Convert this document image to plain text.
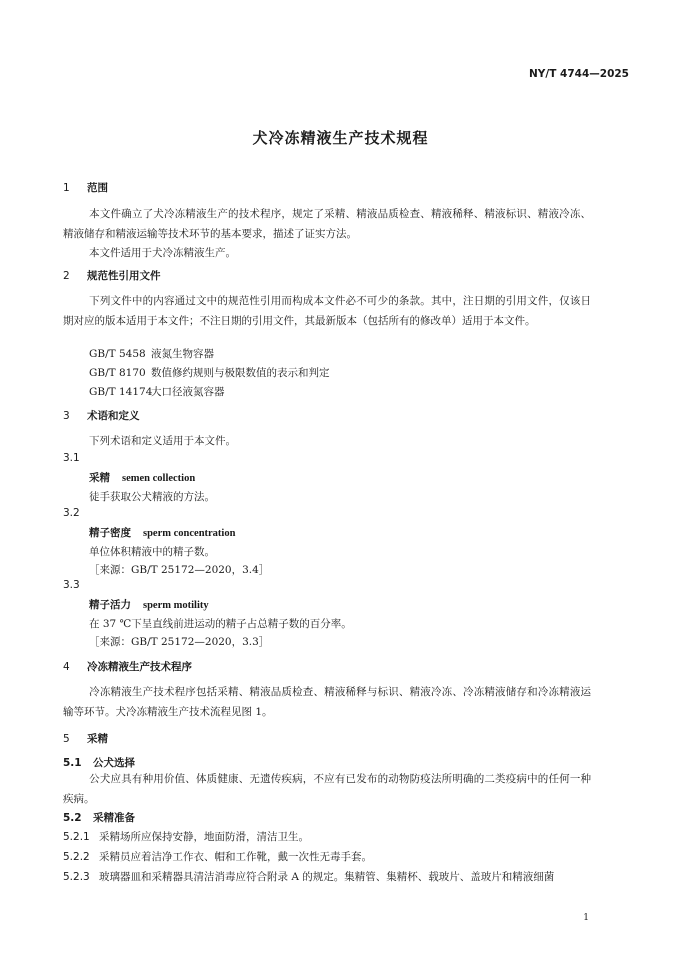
NY/T 4744—2025
犬冷冻精液生产技术规程
1 范围
本文件确立了犬冷冻精液生产的技术程序，规定了采精、精液品质检查、精液稀释、精液标识、精液冷冻、精液储存和精液运输等技术环节的基本要求，描述了证实方法。
本文件适用于犬冷冻精液生产。
2 规范性引用文件
下列文件中的内容通过文中的规范性引用而构成本文件必不可少的条款。其中，注日期的引用文件，仅该日期对应的版本适用于本文件；不注日期的引用文件，其最新版本（包括所有的修改单）适用于本文件。
GB/T 5458 液氮生物容器
GB/T 8170 数值修约规则与极限数值的表示和判定
GB/T 14174大口径液氮容器
3 术语和定义
下列术语和定义适用于本文件。
3.1
采精 semen collection
徒手获取公犬精液的方法。
3.2
精子密度 sperm concentration
单位体积精液中的精子数。
［来源：GB/T 25172—2020，3.4］
3.3
精子活力 sperm motility
在 37 ℃下呈直线前进运动的精子占总精子数的百分率。
［来源：GB/T 25172—2020，3.3］
4 冷冻精液生产技术程序
冷冻精液生产技术程序包括采精、精液品质检查、精液稀释与标识、精液冷冻、冷冻精液储存和冷冻精液运输等环节。犬冷冻精液生产技术流程见图 1。
5 采精
5.1 公犬选择
公犬应具有种用价值、体质健康、无遗传疾病，不应有已发布的动物防疫法所明确的二类疫病中的任何一种疾病。
5.2 采精准备
5.2.1 采精场所应保持安静，地面防滑，清洁卫生。
5.2.2 采精员应着洁净工作衣、帽和工作靴，戴一次性无毒手套。
5.2.3 玻璃器皿和采精器具清洁消毒应符合附录 A 的规定。集精管、集精杯、载玻片、盖玻片和精液细菌
1
